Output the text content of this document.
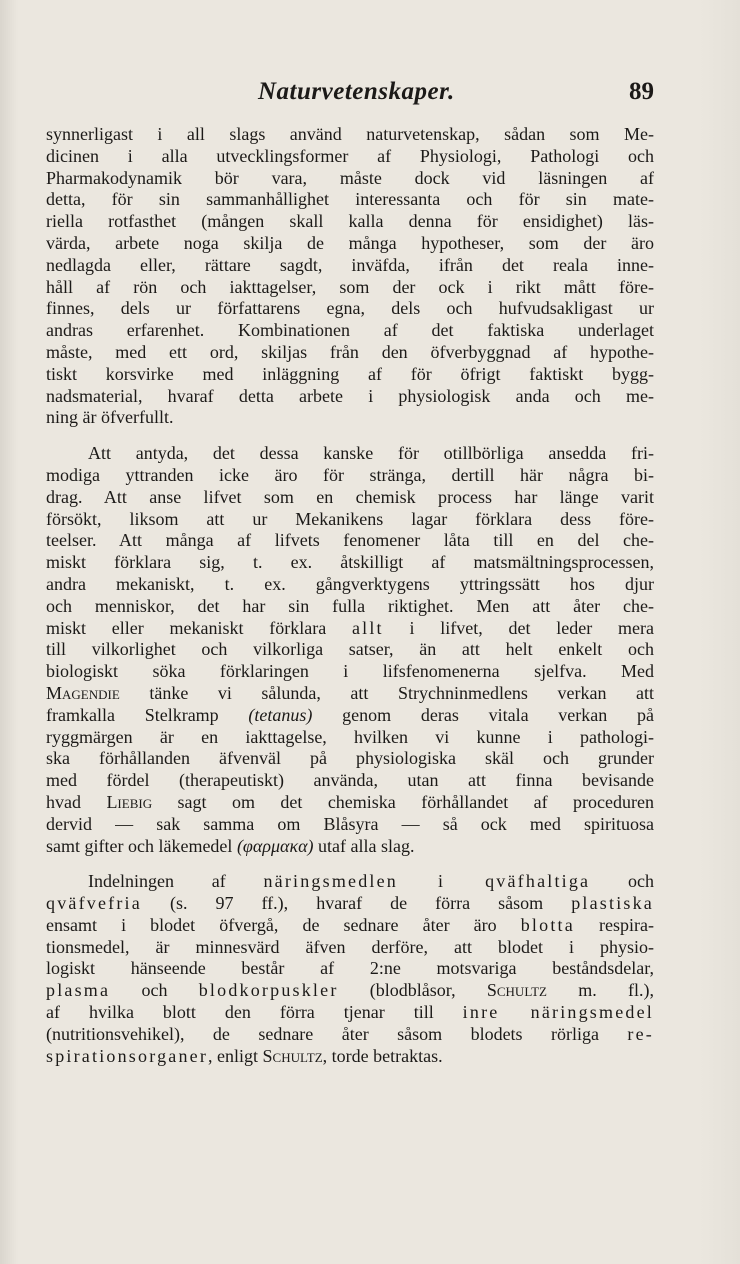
Naturvetenskaper.	89
synnerligast i all slags använd naturvetenskap, sådan som Me-
dicinen i alla utvecklingsformer af Physiologi, Pathologi och
Pharmakodynamik bör vara, måste dock vid läsningen af
detta, för sin sammanhållighet interessanta och för sin mate-
riella rotfasthet (mången skall kalla denna för ensidighet) läs-
värda, arbete noga skilja de många hypotheser, som der äro
nedlagda eller, rättare sagdt, inväfda, ifrån det reala inne-
håll af rön och iakttagelser, som der ock i rikt mått före-
finnes, dels ur författarens egna, dels och hufvudsakligast ur
andras erfarenhet. Kombinationen af det faktiska underlaget
måste, med ett ord, skiljas från den öfverbyggnad af hypothe-
tiskt korsvirke med inläggning af för öfrigt faktiskt bygg-
nadsmaterial, hvaraf detta arbete i physiologisk anda och me-
ning är öfverfullt.
Att antyda, det dessa kanske för otillbörliga ansedda fri-
modiga yttranden icke äro för stränga, dertill här några bi-
drag. Att anse lifvet som en chemisk process har länge varit
försökt, liksom att ur Mekanikens lagar förklara dess före-
teelser. Att många af lifvets fenomener låta till en del che-
miskt förklara sig, t. ex. åtskilligt af matsmältningsprocessen,
andra mekaniskt, t. ex. gångverktygens yttringssätt hos djur
och menniskor, det har sin fulla riktighet. Men att åter che-
miskt eller mekaniskt förklara allt i lifvet, det leder mera
till vilkorlighet och vilkorliga satser, än att helt enkelt och
biologiskt söka förklaringen i lifsfenomenerna sjelfva. Med
Magendie tänke vi sålunda, att Strychninmedlens verkan att
framkalla Stelkramp (tetanus) genom deras vitala verkan på
ryggmärgen är en iakttagelse, hvilken vi kunne i pathologi-
ska förhållanden äfvenväl på physiologiska skäl och grunder
med fördel (therapeutiskt) använda, utan att finna bevisande
hvad Liebig sagt om det chemiska förhållandet af proceduren
dervid — sak samma om Blåsyra — så ock med spirituosa
samt gifter och läkemedel (φαρμακα) utaf alla slag.
Indelningen af näringsmedlen i qväfhaltiga och
qväfvefria (s. 97 ff.), hvaraf de förra såsom plastiska
ensamt i blodet öfvergå, de sednare åter äro blotta respira-
tionsmedel, är minnesvärd äfven derföre, att blodet i physio-
logiskt hänseende består af 2:ne motsvariga beståndsdelar,
plasma och blodkorpuskler (blodblåsor, Schultz m. fl.),
af hvilka blott den förra tjenar till inre näringsmedel
(nutritionsvehikel), de sednare åter såsom blodets rörliga re-
spirationsorganer, enligt Schultz, torde betraktas.
